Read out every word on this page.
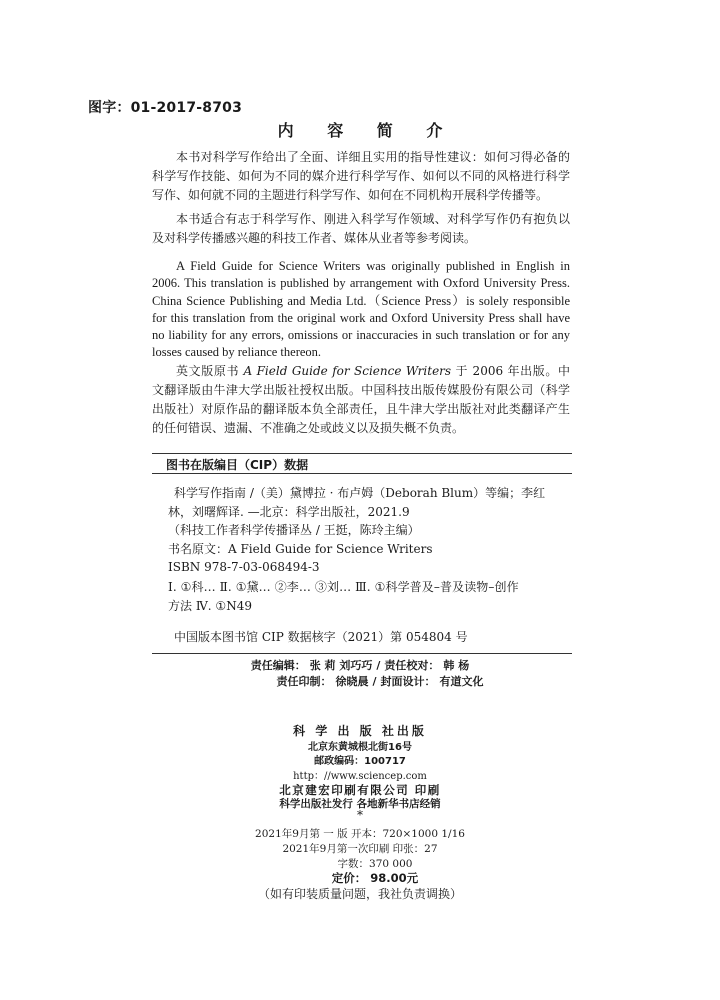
图字：01-2017-8703
内 容 简 介

本书对科学写作给出了全面、详细且实用的指导性建议：如何习得必备的科学写作技能、如何为不同的媒介进行科学写作、如何以不同的风格进行科学写作、如何就不同的主题进行科学写作、如何在不同机构开展科学传播等。

本书适合有志于科学写作、刚进入科学写作领域、对科学写作仍有抱负以及对科学传播感兴趣的科技工作者、媒体从业者等参考阅读。

A Field Guide for Science Writers was originally published in English in 2006. This translation is published by arrangement with Oxford University Press. China Science Publishing and Media Ltd.（Science Press）is solely responsible for this translation from the original work and Oxford University Press shall have no liability for any errors, omissions or inaccuracies in such translation or for any losses caused by reliance thereon.

英文版原书 A Field Guide for Science Writers 于 2006 年出版。中文翻译版由牛津大学出版社授权出版。中国科技出版传媒股份有限公司（科学出版社）对原作品的翻译版本负全部责任，且牛津大学出版社对此类翻译产生的任何错误、遗漏、不准确之处或歧义以及损失概不负责。

图书在版编目（CIP）数据
科学写作指南 /（美）黛博拉 · 布卢姆（Deborah Blum）等编；李红
林，刘曙辉译. —北京：科学出版社，2021.9
（科技工作者科学传播译丛 / 王挺，陈玲主编）
书名原文：A Field Guide for Science Writers
ISBN 978-7-03-068494-3
Ⅰ. ①科… Ⅱ. ①黛… ②李… ③刘… Ⅲ. ①科学普及–普及读物–创作
方法 Ⅳ. ①N49
中国版本图书馆 CIP 数据核字（2021）第 054804 号
责任编辑： 张 莉 刘巧巧 / 责任校对： 韩 杨
责任印制： 徐晓晨 / 封面设计： 有道文化
科 学 出 版 社出版
北京东黄城根北街16号
邮政编码：100717
http：//www.sciencep.com
北京建宏印刷有限公司 印刷
科学出版社发行 各地新华书店经销
*
2021年9月第 一 版 开本：720×1000 1/16
2021年9月第一次印刷 印张：27
字数：370 000
定价： 98.00元
（如有印装质量问题，我社负责调换）
